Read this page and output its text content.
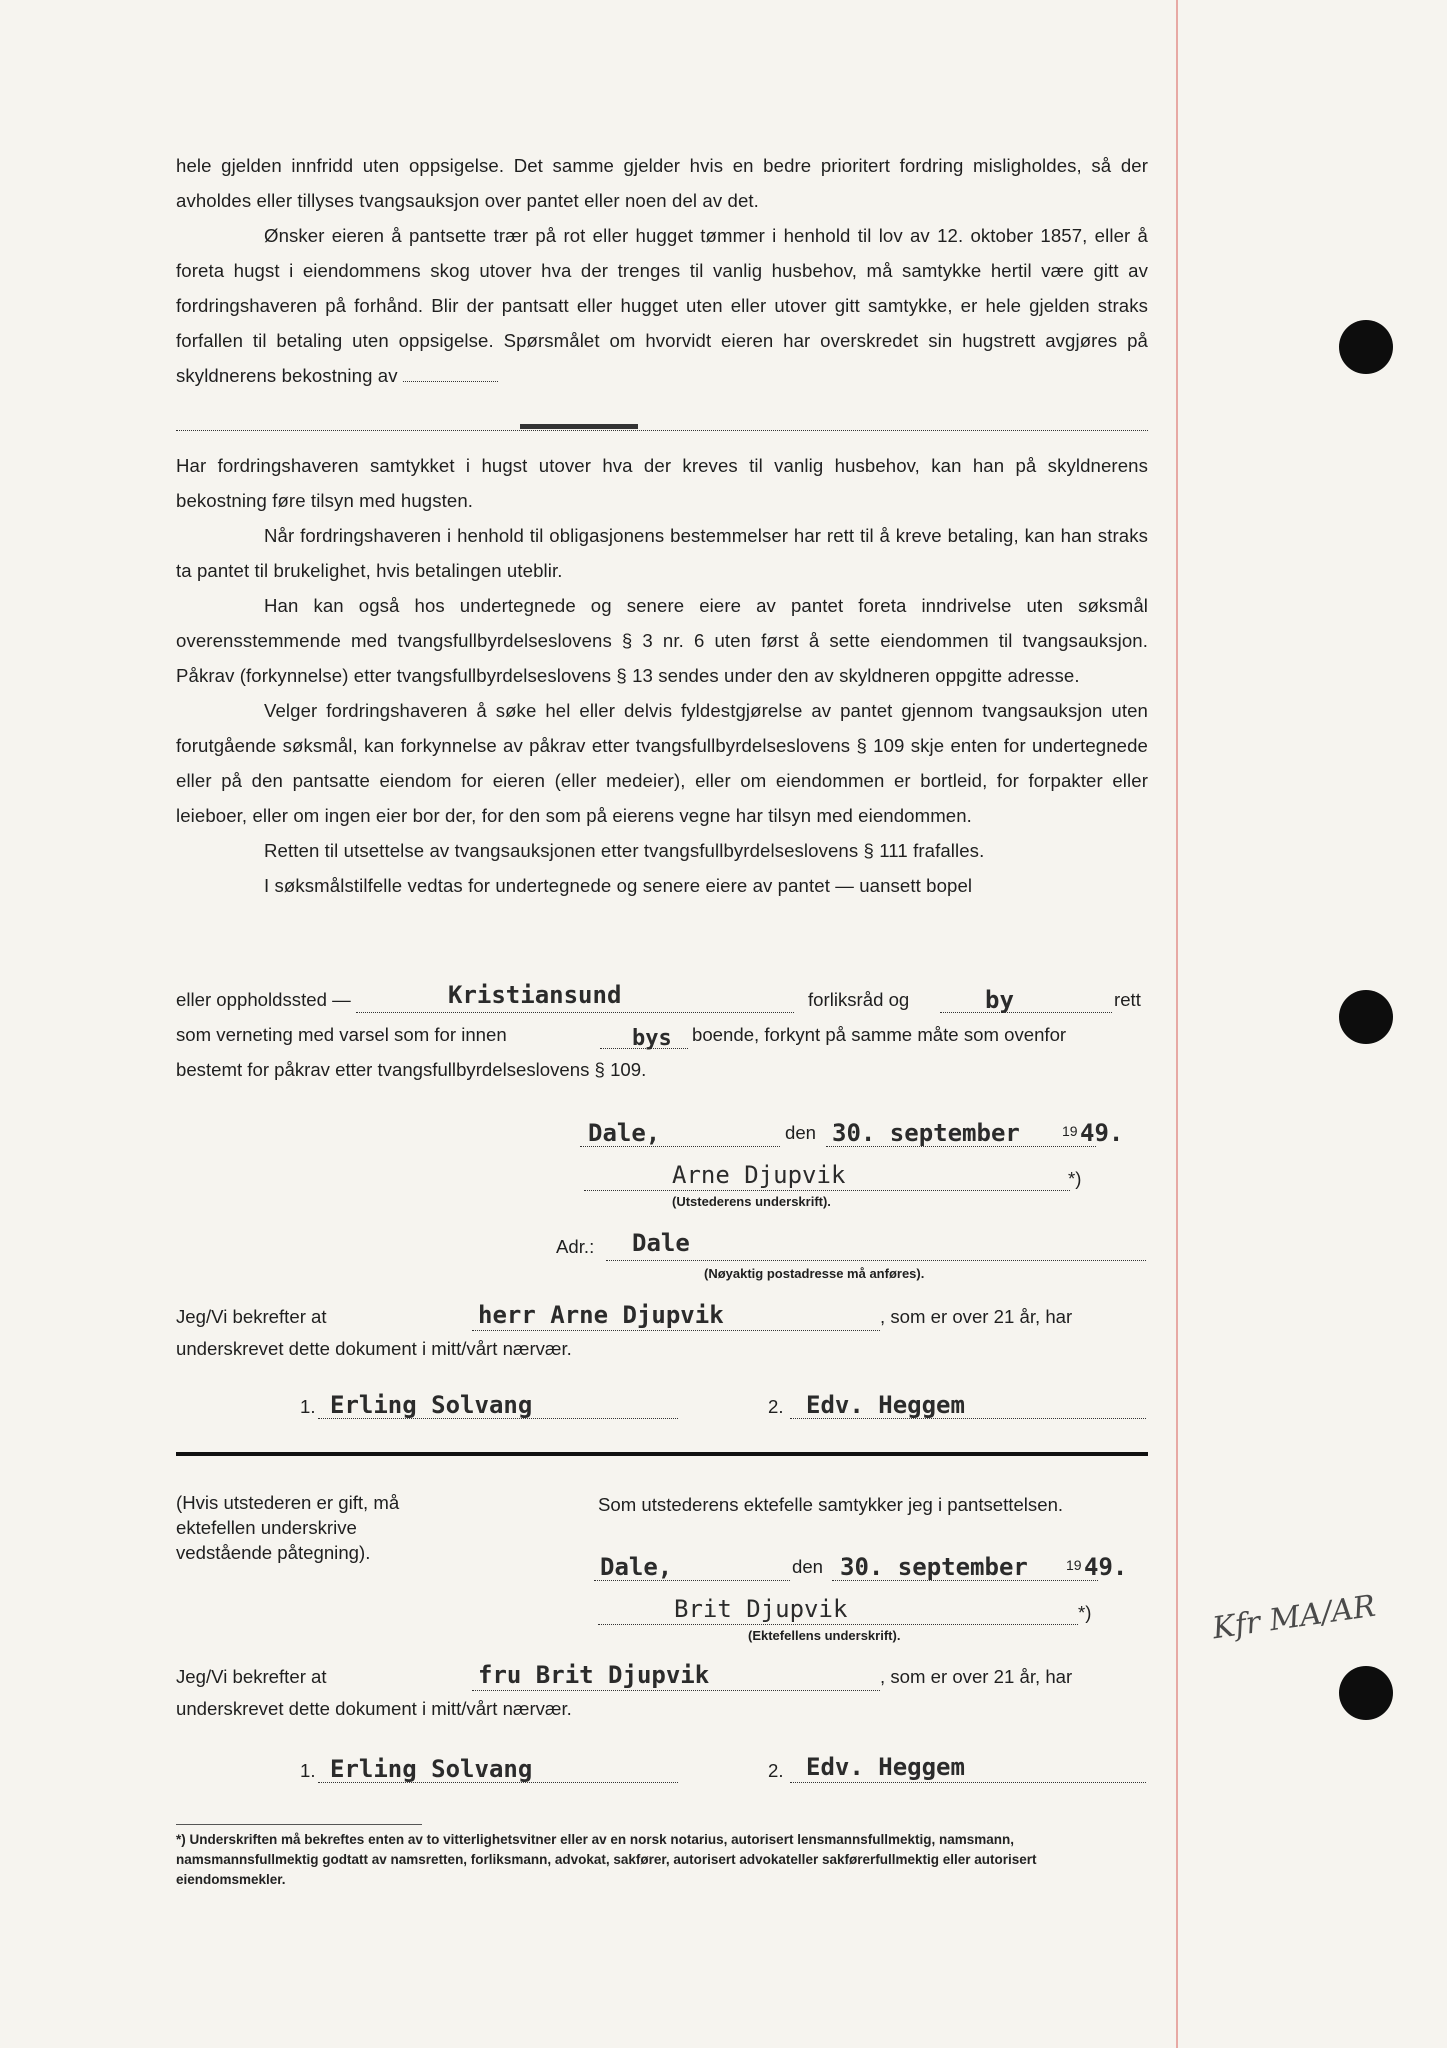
hele gjelden innfridd uten oppsigelse. Det samme gjelder hvis en bedre prioritert fordring misligholdes, så der avholdes eller tillyses tvangsauksjon over pantet eller noen del av det.

Ønsker eieren å pantsette trær på rot eller hugget tømmer i henhold til lov av 12. oktober 1857, eller å foreta hugst i eiendommens skog utover hva der trenges til vanlig husbehov, må samtykke hertil være gitt av fordringshaveren på forhånd. Blir der pantsatt eller hugget uten eller utover gitt samtykke, er hele gjelden straks forfallen til betaling uten oppsigelse. Spørsmålet om hvorvidt eieren har overskredet sin hugstrett avgjøres på skyldnerens bekostning av

Har fordringshaveren samtykket i hugst utover hva der kreves til vanlig husbehov, kan han på skyldnerens bekostning føre tilsyn med hugsten.

Når fordringshaveren i henhold til obligasjonens bestemmelser har rett til å kreve betaling, kan han straks ta pantet til brukelighet, hvis betalingen uteblir.

Han kan også hos undertegnede og senere eiere av pantet foreta inndrivelse uten søksmål overensstemmende med tvangsfullbyrdelseslovens § 3 nr. 6 uten først å sette eiendommen til tvangsauksjon. Påkrav (forkynnelse) etter tvangsfullbyrdelseslovens § 13 sendes under den av skyldneren oppgitte adresse.

Velger fordringshaveren å søke hel eller delvis fyldestgjørelse av pantet gjennom tvangsauksjon uten forutgående søksmål, kan forkynnelse av påkrav etter tvangsfullbyrdelseslovens § 109 skje enten for undertegnede eller på den pantsatte eiendom for eieren (eller medeier), eller om eiendommen er bortleid, for forpakter eller leieboer, eller om ingen eier bor der, for den som på eierens vegne har tilsyn med eiendommen.

Retten til utsettelse av tvangsauksjonen etter tvangsfullbyrdelseslovens § 111 frafalles.

I søksmålstilfelle vedtas for undertegnede og senere eiere av pantet — uansett bopel

eller oppholdssted —	Kristiansund	forliksråd og	by	rett
som verneting med varsel som for innen	bys boende, forkynt på samme måte som ovenfor
bestemt for påkrav etter tvangsfullbyrdelseslovens § 109.
Dale,	den 30. september	19 49.
Arne Djupvik	*)
(Utstederens underskrift).
Adr.: Dale
(Nøyaktig postadresse må anføres).
Jeg/Vi bekrefter at	herr Arne Djupvik	, som er over 21 år, har
underskrevet dette dokument i mitt/vårt nærvær.
1. Erling Solvang	2. Edv. Heggem
(Hvis utstederen er gift, må ektefellen underskrive vedstående påtegning).
Som utstederens ektefelle samtykker jeg i pantsettelsen.
Dale,	den 30. september	19 49.
Brit Djupvik	*)
(Ektefellens underskrift).
Jeg/Vi bekrefter at	fru Brit Djupvik	, som er over 21 år, har
underskrevet dette dokument i mitt/vårt nærvær.
1. Erling Solvang	2. Edv. Heggem
*) Underskriften må bekreftes enten av to vitterlighetsvitner eller av en norsk notarius, autorisert lensmannsfullmektig, namsmann, namsmannsfullmektig godtatt av namsretten, forliksmann, advokat, sakfører, autorisert advokateller sakførerfullmektig eller autorisert eiendomsmekler.
Kfr MA/AR
